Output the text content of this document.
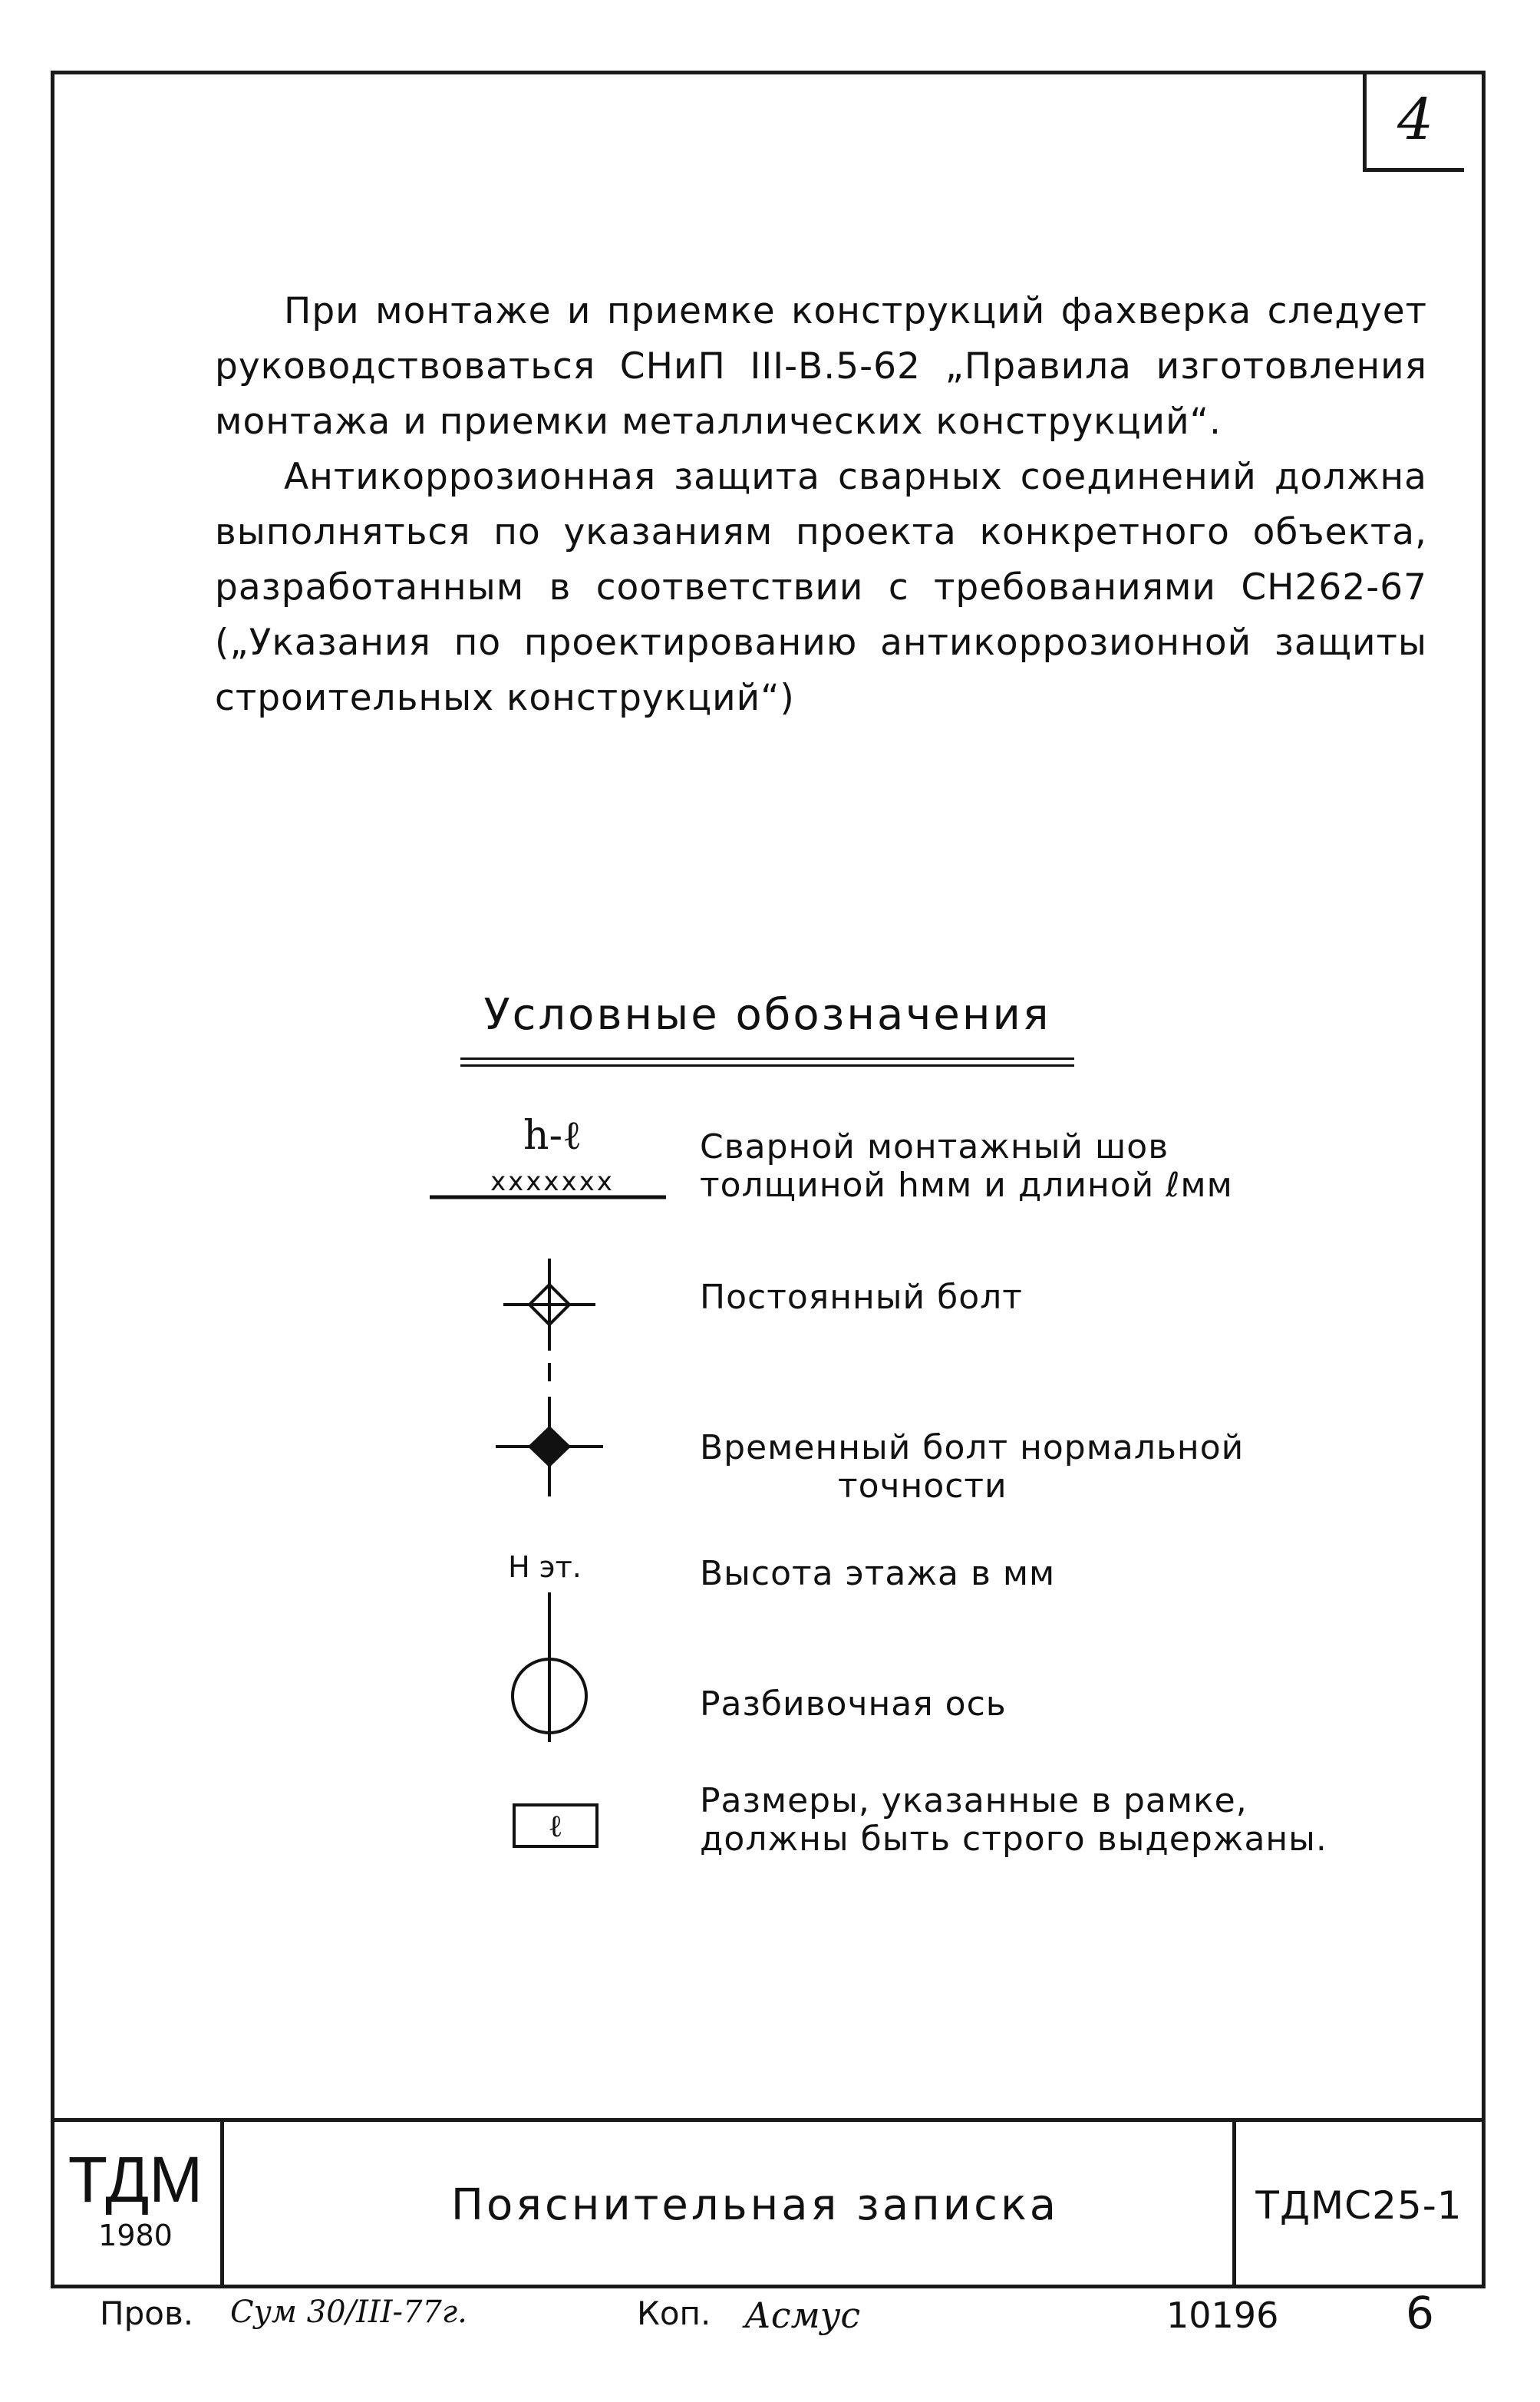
4

При монтаже и приемке конструкций фахверка следует руководствоваться СНиП III-В.5-62 „Правила изготовления монтажа и приемки металлических конструкций“.

Антикоррозионная защита сварных соединений должна выполняться по указаниям проекта конкретного объекта, разработанным в соответствии с требованиями СН262-67 („Указания по проектированию антикоррозионной защиты строительных конструкций“)

Условные обозначения
h-ℓ
xxxxxxx
Сварной монтажный шов
толщиной hмм и длиной ℓмм
Постоянный болт
Временный болт нормальной
точности
Н эт.	Высота этажа в мм
Разбивочная ось
ℓ
Размеры, указанные в рамке,
должны быть строго выдержаны.
ТДМ
1980
Пояснительная записка	ТДМС25-1
Пров. Сум 30/III-77г.	Коп. Асмус	10196	6
